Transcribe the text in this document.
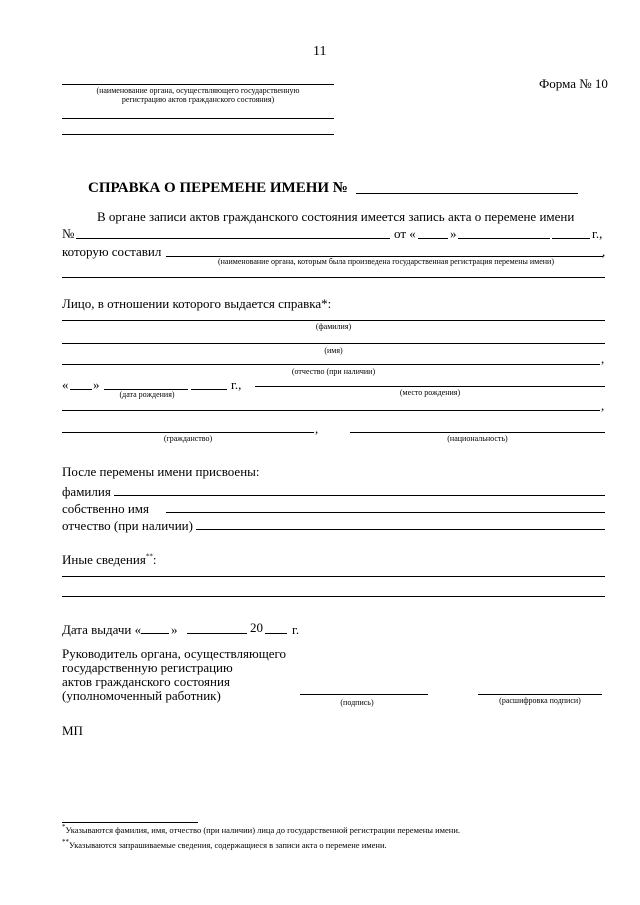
11
Форма № 10
(наименование органа, осуществляющего государственную
регистрацию актов гражданского состояния)
СПРАВКА О ПЕРЕМЕНЕ ИМЕНИ №
В органе записи актов гражданского состояния имеется запись акта о перемене имени
№	от «	»	г.,
которую составил	,
(наименование органа, которым была произведена государственная регистрация перемены имени)
Лицо, в отношении которого выдается справка*:
(фамилия)
(имя)
,
(отчество (при наличии)
« »	г.,
(дата рождения)	(место рождения)
,
,
(гражданство)	(национальность)
После перемены имени присвоены:
фамилия
собственно имя
отчество (при наличии)
Иные сведения**:
Дата выдачи « »	20 г.
Руководитель органа, осуществляющего
государственную регистрацию
актов гражданского состояния
(уполномоченный работник)	(подпись)	(расшифровка подписи)
МП
*Указываются фамилия, имя, отчество (при наличии) лица до государственной регистрации перемены имени.
**Указываются запрашиваемые сведения, содержащиеся в записи акта о перемене имени.
